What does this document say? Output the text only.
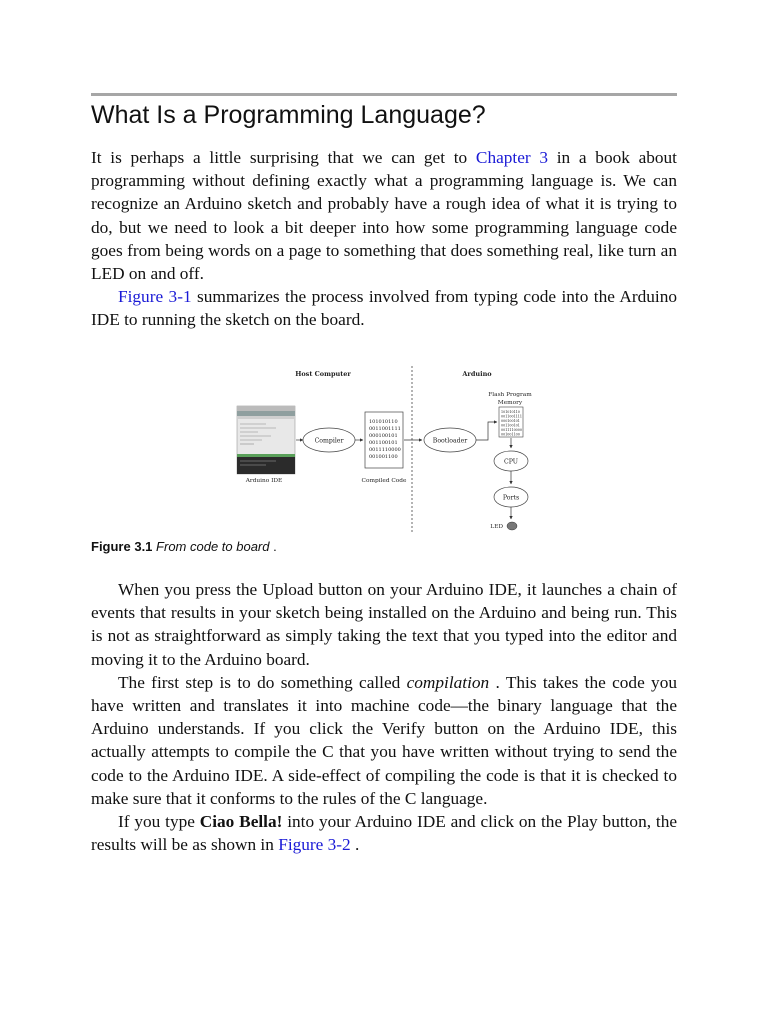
What Is a Programming Language?

It is perhaps a little surprising that we can get to Chapter 3 in a book about programming without defining exactly what a programming language is. We can recognize an Arduino sketch and probably have a rough idea of what it is trying to do, but we need to look a bit deeper into how some programming language code goes from being words on a page to something that does something real, like turn an LED on and off.

Figure 3-1 summarizes the process involved from typing code into the Arduino IDE to running the sketch on the board.

Host Computer	Arduino
Arduino IDE
Compiler
101010110
0011001111
000100101
001100101
0011110000
001001100
Compiled Code
Bootloader
Flash Program
Memory
101010110
0011001111
000100101
001100101
0011110000
001001100
CPU
Ports
LED
Figure 3.1 From code to board .

When you press the Upload button on your Arduino IDE, it launches a chain of events that results in your sketch being installed on the Arduino and being run. This is not as straightforward as simply taking the text that you typed into the editor and moving it to the Arduino board.

The first step is to do something called compilation . This takes the code you have written and translates it into machine code—the binary language that the Arduino understands. If you click the Verify button on the Arduino IDE, this actually attempts to compile the C that you have written without trying to send the code to the Arduino IDE. A side-effect of compiling the code is that it is checked to make sure that it conforms to the rules of the C language.

If you type Ciao Bella! into your Arduino IDE and click on the Play button, the results will be as shown in Figure 3-2 .
